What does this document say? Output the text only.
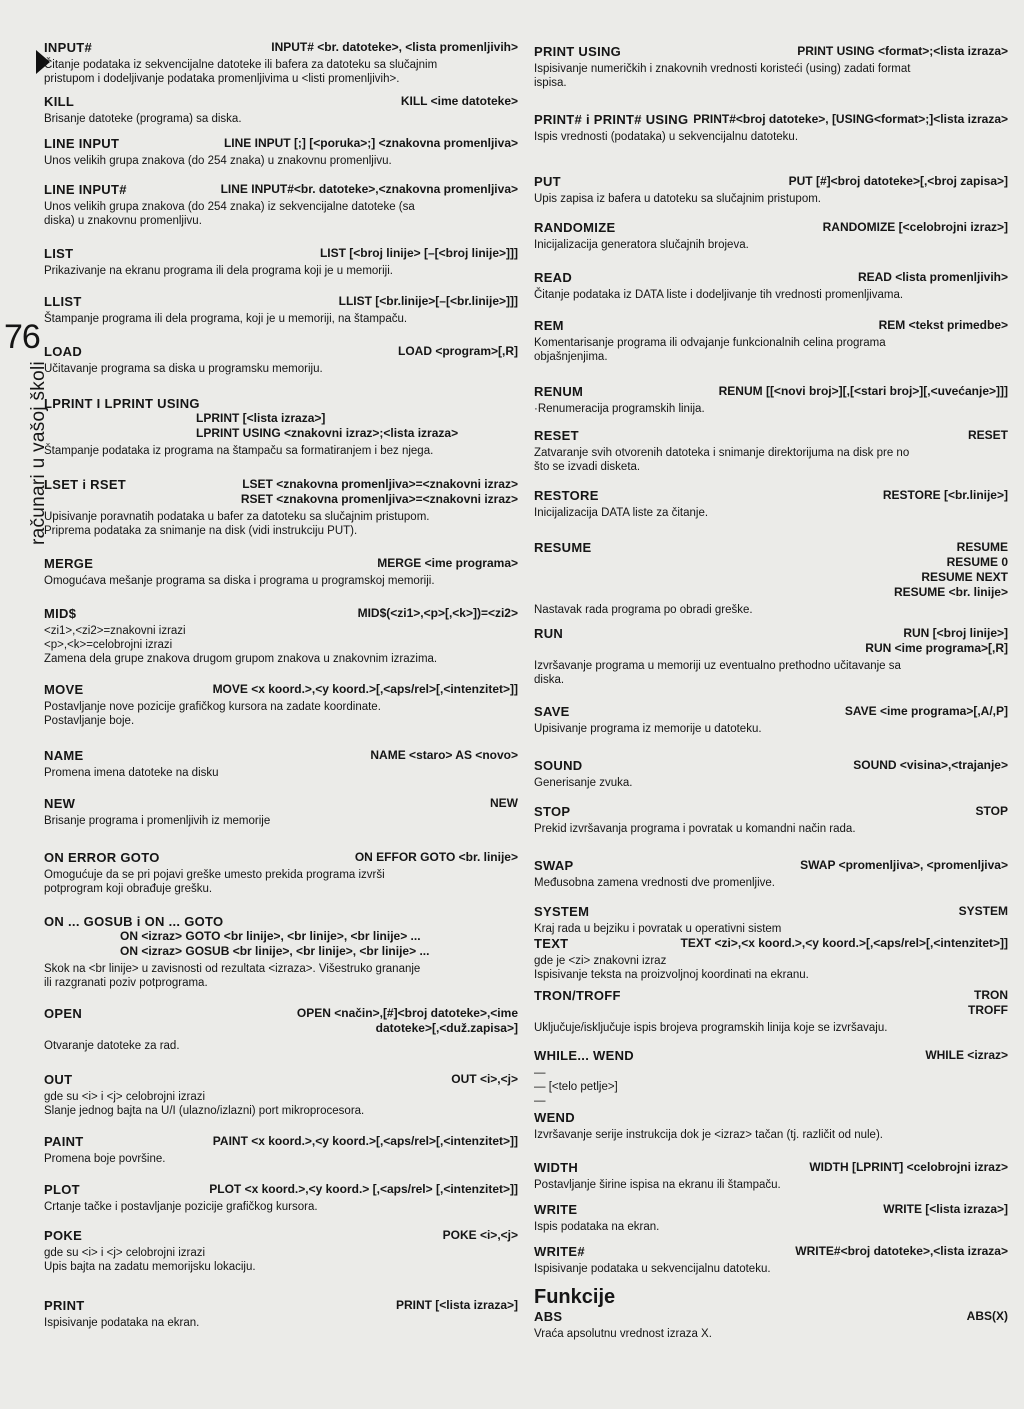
76
računari u vašoj školi
INPUT#	INPUT# <br. datoteke>, <lista promenljivih>
Čitanje podataka iz sekvencijalne datoteke ili bafera za datoteku sa slučajnim
pristupom i dodeljivanje podataka promenljivima u <listi promenljivih>.
KILL	KILL <ime datoteke>
Brisanje datoteke (programa) sa diska.
LINE INPUT	LINE INPUT [;] [<poruka>;] <znakovna promenljiva>
Unos velikih grupa znakova (do 254 znaka) u znakovnu promenljivu.
LINE INPUT#	LINE INPUT#<br. datoteke>,<znakovna promenljiva>
Unos velikih grupa znakova (do 254 znaka) iz sekvencijalne datoteke (sa
diska) u znakovnu promenljivu.
LIST	LIST [<broj linije> [–[<broj linije>]]]
Prikazivanje na ekranu programa ili dela programa koji je u memoriji.
LLIST	LLIST [<br.linije>[–[<br.linije>]]]
Štampanje programa ili dela programa, koji je u memoriji, na štampaču.
LOAD	LOAD <program>[,R]
Učitavanje programa sa diska u programsku memoriju.
LPRINT I LPRINT USING
LPRINT [<lista izraza>]
LPRINT USING <znakovni izraz>;<lista izraza>
Štampanje podataka iz programa na štampaču sa formatiranjem i bez njega.
LSET i RSET	LSET <znakovna promenljiva>=<znakovni izraz>
RSET <znakovna promenljiva>=<znakovni izraz>
Upisivanje poravnatih podataka u bafer za datoteku sa slučajnim pristupom.
Priprema podataka za snimanje na disk (vidi instrukciju PUT).
MERGE	MERGE <ime programa>
Omogućava mešanje programa sa diska i programa u programskoj memoriji.
MID$	MID$(<zi1>,<p>[,<k>])=<zi2>
<zi1>,<zi2>=znakovni izrazi
<p>,<k>=celobrojni izrazi
Zamena dela grupe znakova drugom grupom znakova u znakovnim izrazima.
MOVE	MOVE <x koord.>,<y koord.>[,<aps/rel>[,<intenzitet>]]
Postavljanje nove pozicije grafičkog kursora na zadate koordinate.
Postavljanje boje.
NAME	NAME <staro> AS <novo>
Promena imena datoteke na disku
NEW	NEW
Brisanje programa i promenljivih iz memorije
ON ERROR GOTO	ON EFFOR GOTO <br. linije>
Omogućuje da se pri pojavi greške umesto prekida programa izvrši
potprogram koji obrađuje grešku.
ON ... GOSUB i ON ... GOTO
ON <izraz> GOTO <br linije>, <br linije>, <br linije> ...
ON <izraz> GOSUB <br linije>, <br linije>, <br linije> ...
Skok na <br linije> u zavisnosti od rezultata <izraza>. Višestruko grananje
ili razgranati poziv potprograma.
OPEN	OPEN <način>,[#]<broj datoteke>,<ime
datoteke>[,<duž.zapisa>]
Otvaranje datoteke za rad.
OUT	OUT <i>,<j>
gde su <i> i <j> celobrojni izrazi
Slanje jednog bajta na U/I (ulazno/izlazni) port mikroprocesora.
PAINT	PAINT <x koord.>,<y koord.>[,<aps/rel>[,<intenzitet>]]
Promena boje površine.
PLOT	PLOT <x koord.>,<y koord.> [,<aps/rel> [,<intenzitet>]]
Crtanje tačke i postavljanje pozicije grafičkog kursora.
POKE	POKE <i>,<j>
gde su <i> i <j> celobrojni izrazi
Upis bajta na zadatu memorijsku lokaciju.
PRINT	PRINT [<lista izraza>]
Ispisivanje podataka na ekran.
PRINT USING	PRINT USING <format>;<lista izraza>
Ispisivanje numeričkih i znakovnih vrednosti koristeći (using) zadati format
ispisa.
PRINT# i PRINT# USING PRINT#<broj datoteke>, [USING<format>;]<lista izraza>
Ispis vrednosti (podataka) u sekvencijalnu datoteku.
PUT	PUT [#]<broj datoteke>[,<broj zapisa>]
Upis zapisa iz bafera u datoteku sa slučajnim pristupom.
RANDOMIZE	RANDOMIZE [<celobrojni izraz>]
Inicijalizacija generatora slučajnih brojeva.
READ	READ <lista promenljivih>
Čitanje podataka iz DATA liste i dodeljivanje tih vrednosti promenljivama.
REM	REM <tekst primedbe>
Komentarisanje programa ili odvajanje funkcionalnih celina programa
objašnjenjima.
RENUM	RENUM [[<novi broj>][,[<stari broj>][,<uvećanje>]]]
·Renumeracija programskih linija.
RESET	RESET
Zatvaranje svih otvorenih datoteka i snimanje direktorijuma na disk pre no
što se izvadi disketa.
RESTORE	RESTORE [<br.linije>]
Inicijalizacija DATA liste za čitanje.
RESUME	RESUME
RESUME 0
RESUME NEXT
RESUME <br. linije>
Nastavak rada programa po obradi greške.
RUN	RUN [<broj linije>]
RUN <ime programa>[,R]
Izvršavanje programa u memoriji uz eventualno prethodno učitavanje sa
diska.
SAVE	SAVE <ime programa>[,A/,P]
Upisivanje programa iz memorije u datoteku.
SOUND	SOUND <visina>,<trajanje>
Generisanje zvuka.
STOP	STOP
Prekid izvršavanja programa i povratak u komandni način rada.
SWAP	SWAP <promenljiva>, <promenljiva>
Međusobna zamena vrednosti dve promenljive.
SYSTEM	SYSTEM
Kraj rada u bejziku i povratak u operativni sistem
TEXT	TEXT <zi>,<x koord.>,<y koord.>[,<aps/rel>[,<intenzitet>]]
gde je <zi> znakovni izraz
Ispisivanje teksta na proizvoljnoj koordinati na ekranu.
TRON/TROFF	TRON
TROFF
Uključuje/isključuje ispis brojeva programskih linija koje se izvršavaju.
WHILE... WEND	WHILE <izraz>
—
— [<telo petlje>]
—
WEND
Izvršavanje serije instrukcija dok je <izraz> tačan (tj. različit od nule).
WIDTH	WIDTH [LPRINT] <celobrojni izraz>
Postavljanje širine ispisa na ekranu ili štampaču.
WRITE	WRITE [<lista izraza>]
Ispis podataka na ekran.
WRITE#	WRITE#<broj datoteke>,<lista izraza>
Ispisivanje podataka u sekvencijalnu datoteku.
Funkcije
ABS	ABS(X)
Vraća apsolutnu vrednost izraza X.
